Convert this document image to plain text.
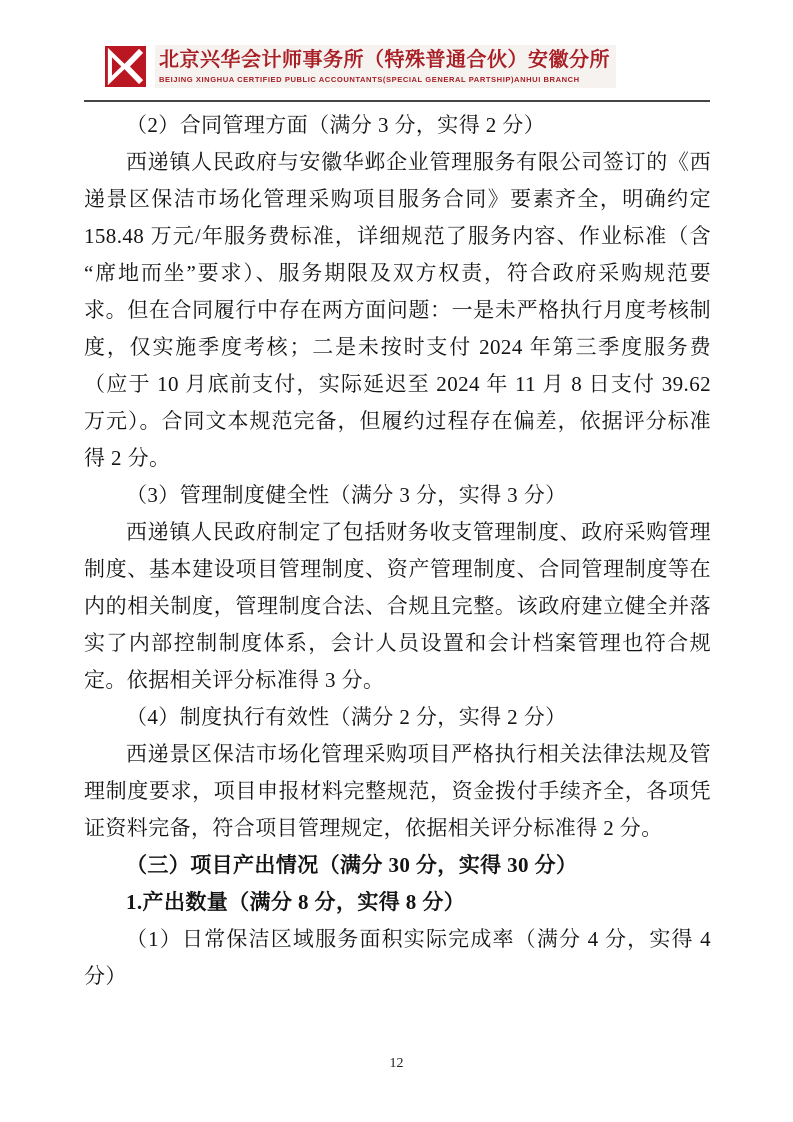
北京兴华会计师事务所（特殊普通合伙）安徽分所
BEIJING XINGHUA CERTIFIED PUBLIC ACCOUNTANTS(SPECIAL GENERAL PARTSHIP)ANHUI BRANCH
（2）合同管理方面（满分 3 分，实得 2 分）
西递镇人民政府与安徽华邺企业管理服务有限公司签订的《西递景区保洁市场化管理采购项目服务合同》要素齐全，明确约定 158.48 万元/年服务费标准，详细规范了服务内容、作业标准（含“席地而坐”要求）、服务期限及双方权责，符合政府采购规范要求。但在合同履行中存在两方面问题：一是未严格执行月度考核制度，仅实施季度考核；二是未按时支付 2024 年第三季度服务费（应于 10 月底前支付，实际延迟至 2024 年 11 月 8 日支付 39.62 万元）。合同文本规范完备，但履约过程存在偏差，依据评分标准得 2 分。
（3）管理制度健全性（满分 3 分，实得 3 分）
西递镇人民政府制定了包括财务收支管理制度、政府采购管理制度、基本建设项目管理制度、资产管理制度、合同管理制度等在内的相关制度，管理制度合法、合规且完整。该政府建立健全并落实了内部控制制度体系，会计人员设置和会计档案管理也符合规定。依据相关评分标准得 3 分。
（4）制度执行有效性（满分 2 分，实得 2 分）
西递景区保洁市场化管理采购项目严格执行相关法律法规及管理制度要求，项目申报材料完整规范，资金拨付手续齐全，各项凭证资料完备，符合项目管理规定，依据相关评分标准得 2 分。
（三）项目产出情况（满分 30 分，实得 30 分）
1.产出数量（满分 8 分，实得 8 分）
（1）日常保洁区域服务面积实际完成率（满分 4 分，实得 4 分）
12
